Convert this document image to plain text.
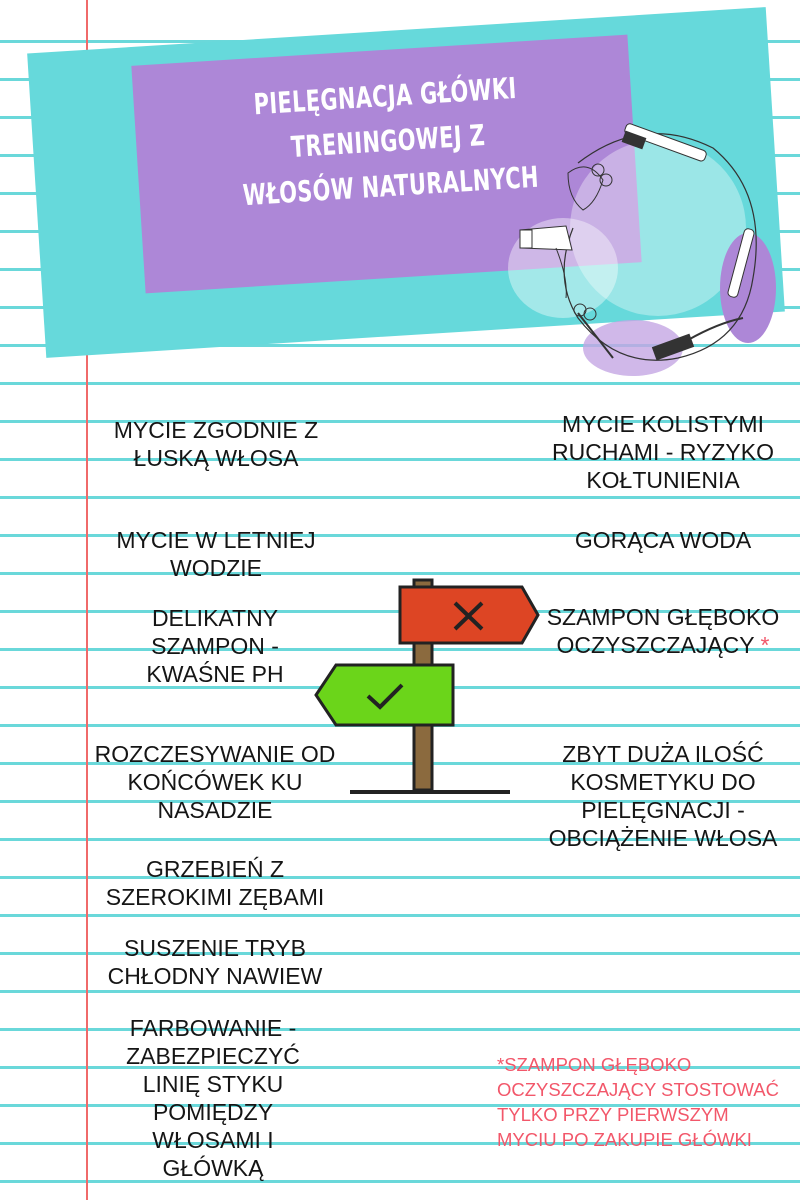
PIELĘGNACJA GŁÓWKI TRENINGOWEJ Z WŁOSÓW NATURALNYCH
MYCIE ZGODNIE Z ŁUSKĄ WŁOSA
MYCIE W LETNIEJ WODZIE
DELIKATNY SZAMPON - KWAŚNE PH
ROZCZESYWANIE OD KOŃCÓWEK KU NASADZIE
GRZEBIEŃ Z SZEROKIMI ZĘBAMI
SUSZENIE TRYB CHŁODNY NAWIEW
FARBOWANIE - ZABEZPIECZYĆ LINIĘ STYKU POMIĘDZY WŁOSAMI I GŁÓWKĄ
MYCIE KOLISTYMI RUCHAMI - RYZYKO KOŁTUNIENIA
GORĄCA WODA
SZAMPON GŁĘBOKO OCZYSZCZAJĄCY *
ZBYT DUŻA ILOŚĆ KOSMETYKU DO PIELĘGNACJI - OBCIĄŻENIE WŁOSA
*SZAMPON GŁĘBOKO OCZYSZCZAJĄCY STOSTOWAĆ TYLKO PRZY PIERWSZYM MYCIU PO ZAKUPIE GŁÓWKI
